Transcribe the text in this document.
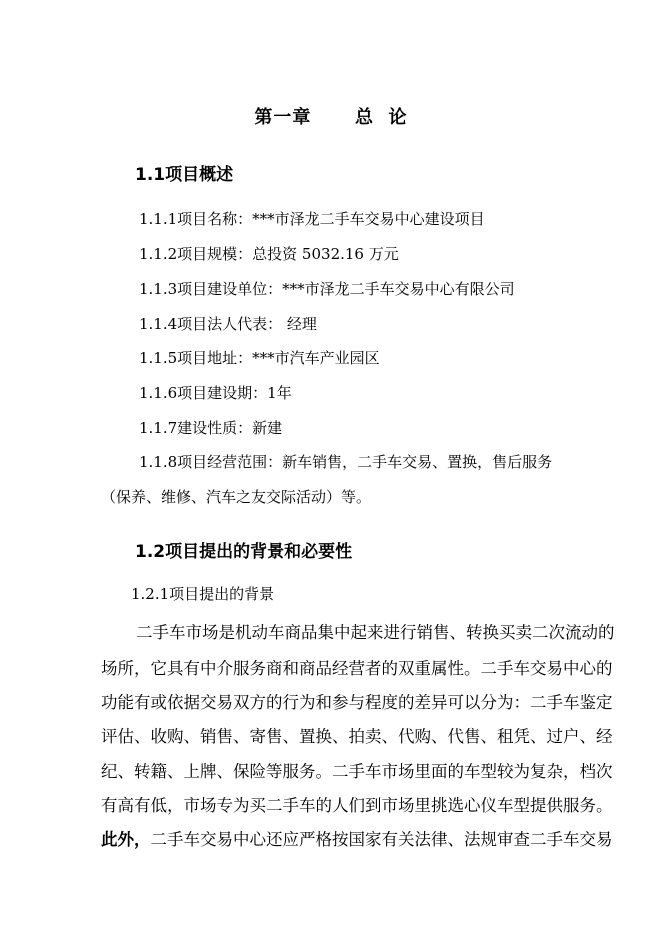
第一章      总  论
1.1项目概述
1.1.1项目名称：***市泽龙二手车交易中心建设项目
1.1.2项目规模：总投资 5032.16 万元
1.1.3项目建设单位：***市泽龙二手车交易中心有限公司
1.1.4项目法人代表： 经理
1.1.5项目地址：***市汽车产业园区
1.1.6项目建设期：1年
1.1.7建设性质：新建
1.1.8项目经营范围：新车销售，二手车交易、置换，售后服务
（保养、维修、汽车之友交际活动）等。
1.2项目提出的背景和必要性
1.2.1项目提出的背景
二手车市场是机动车商品集中起来进行销售、转换买卖二次流动的
场所，它具有中介服务商和商品经营者的双重属性。二手车交易中心的
功能有或依据交易双方的行为和参与程度的差异可以分为：二手车鉴定
评估、收购、销售、寄售、置换、拍卖、代购、代售、租凭、过户、经
纪、转籍、上牌、保险等服务。二手车市场里面的车型较为复杂，档次
有高有低，市场专为买二手车的人们到市场里挑选心仪车型提供服务。
此外，二手车交易中心还应严格按国家有关法律、法规审查二手车交易
